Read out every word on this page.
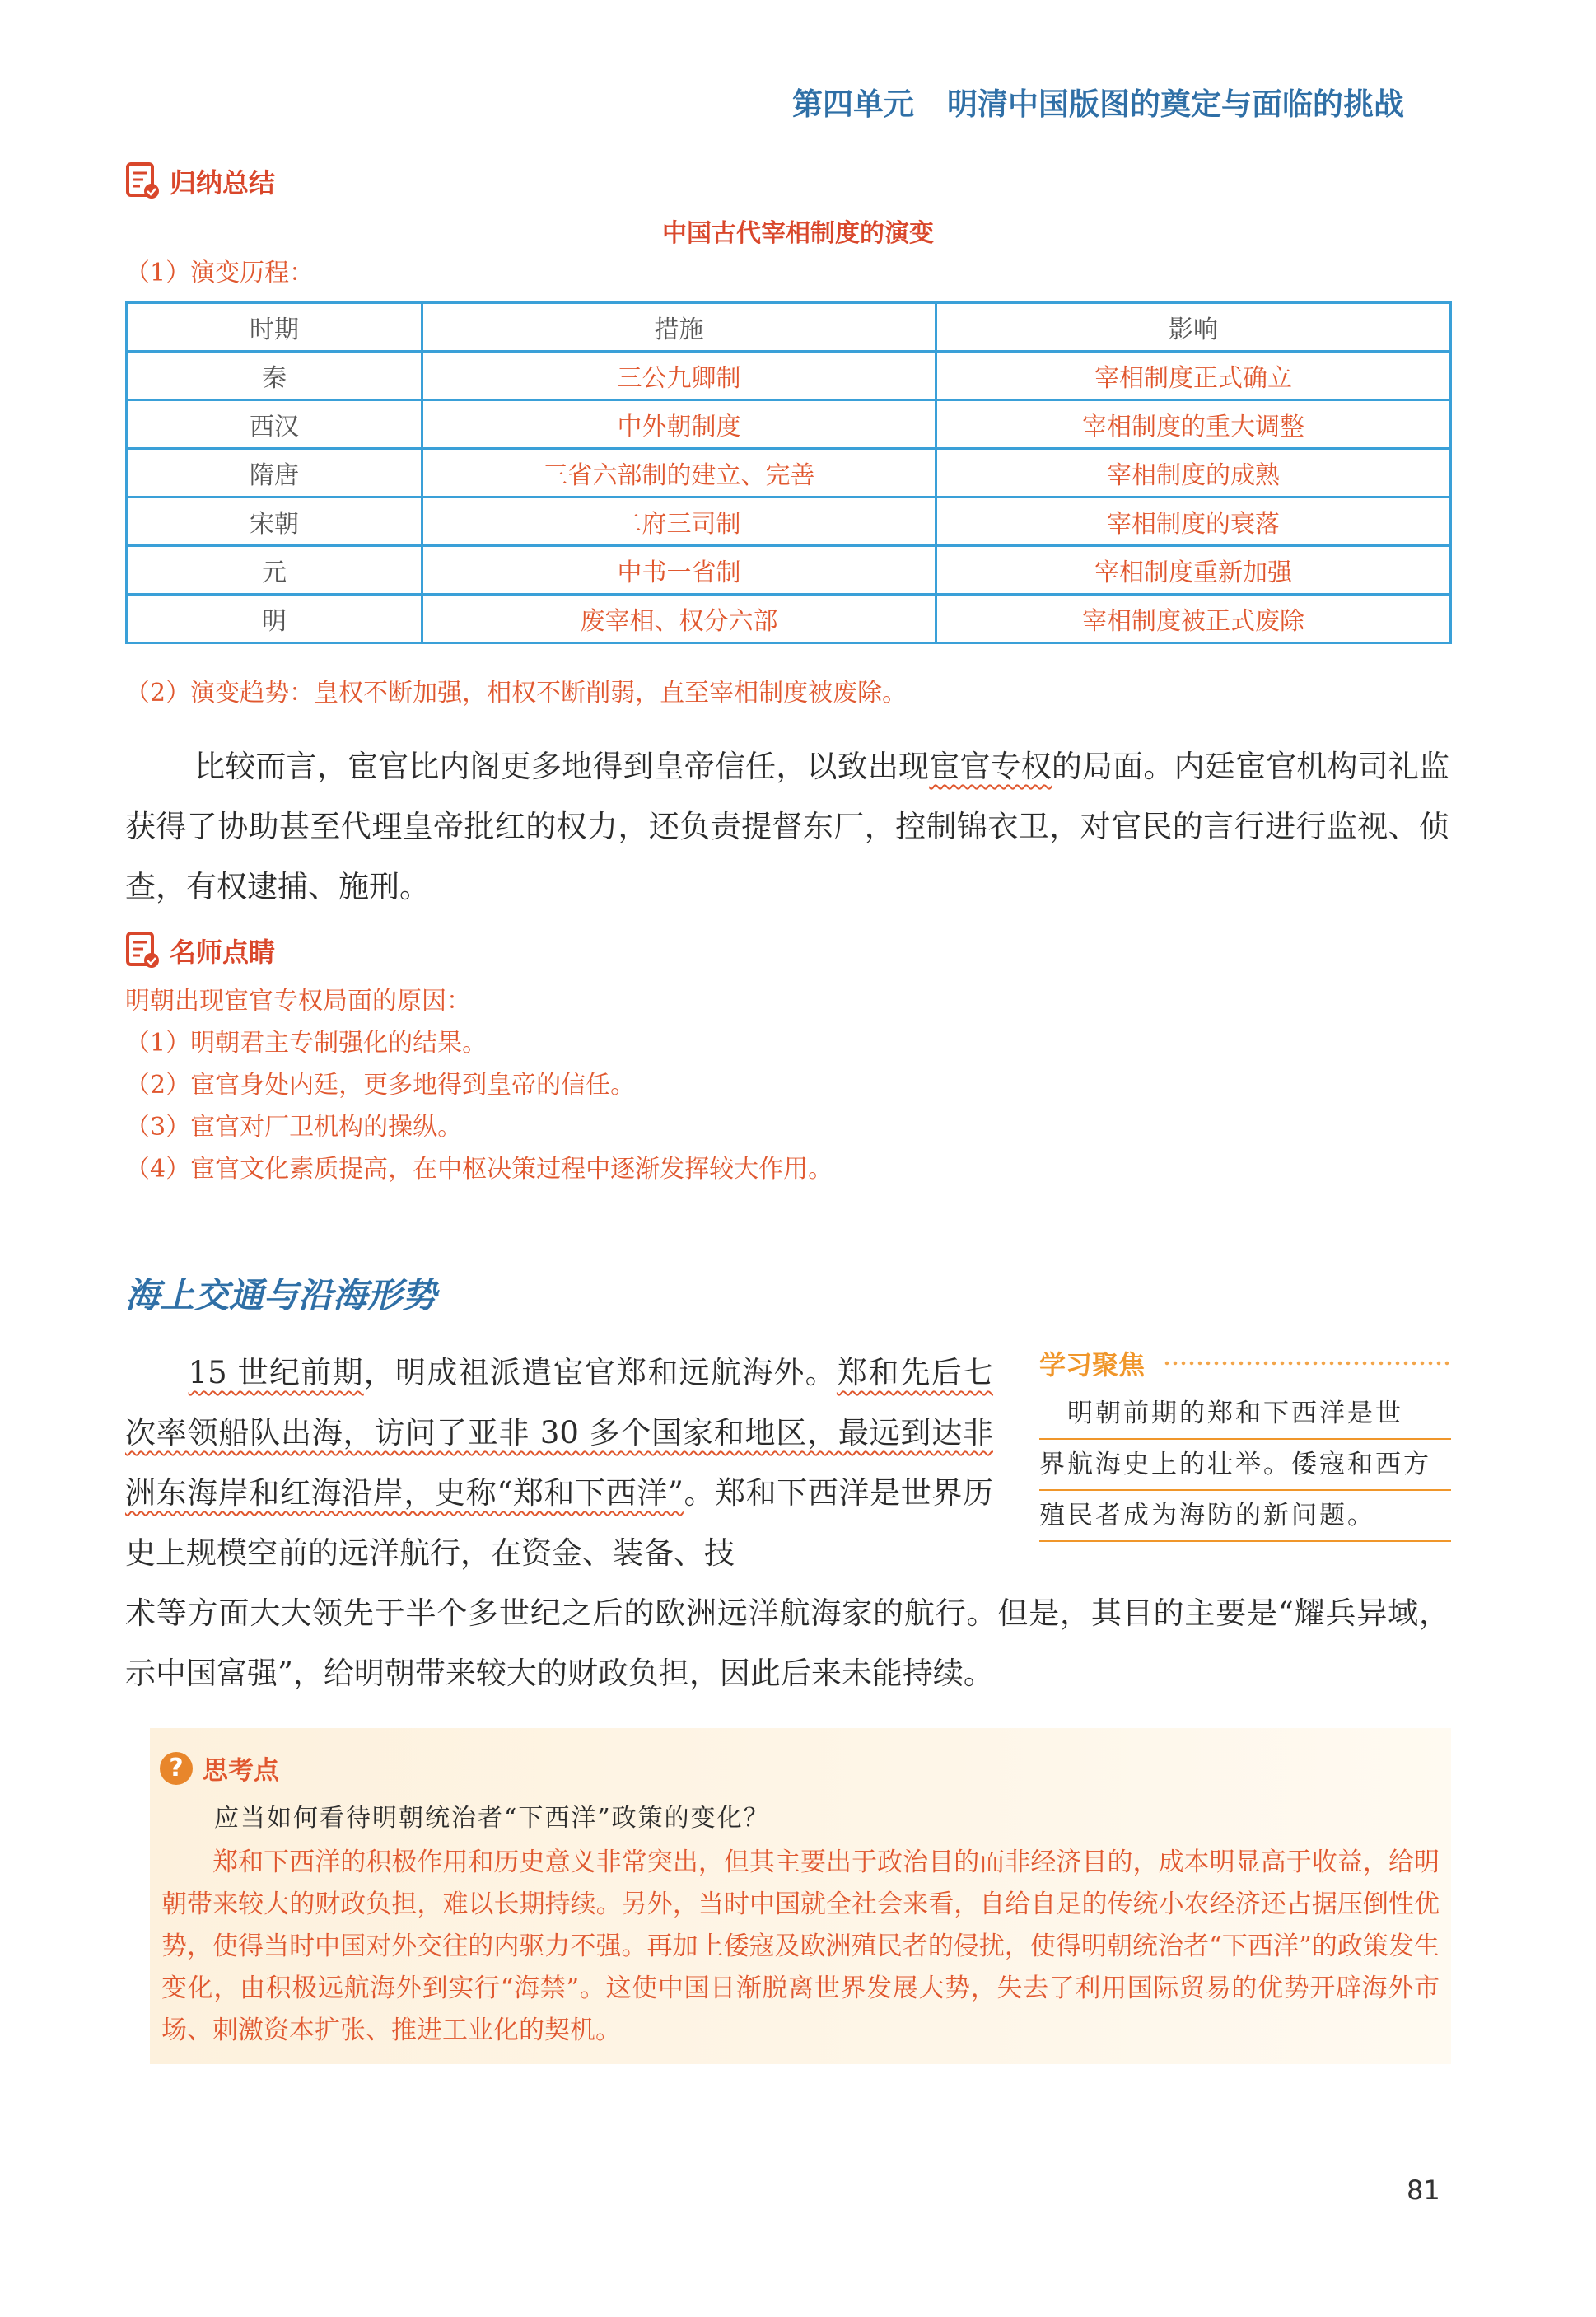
第四单元 明清中国版图的奠定与面临的挑战
归纳总结
中国古代宰相制度的演变
（1）演变历程：
时期	措施	影响
秦	三公九卿制	宰相制度正式确立
西汉	中外朝制度	宰相制度的重大调整
隋唐	三省六部制的建立、完善	宰相制度的成熟
宋朝	二府三司制	宰相制度的衰落
元	中书一省制	宰相制度重新加强
明	废宰相、权分六部	宰相制度被正式废除
（2）演变趋势：皇权不断加强，相权不断削弱，直至宰相制度被废除。
比较而言，宦官比内阁更多地得到皇帝信任，以致出现宦官专权的局面。内廷宦官机构司礼监获得了协助甚至代理皇帝批红的权力，还负责提督东厂，控制锦衣卫，对官民的言行进行监视、侦查，有权逮捕、施刑。
名师点睛
明朝出现宦官专权局面的原因：
（1）明朝君主专制强化的结果。
（2）宦官身处内廷，更多地得到皇帝的信任。
（3）宦官对厂卫机构的操纵。
（4）宦官文化素质提高，在中枢决策过程中逐渐发挥较大作用。
海上交通与沿海形势
　　15 世纪前期，明成祖派遣宦官郑和远航海外。郑和先后七次率领船队出海，访问了亚非 30 多个国家和地区，最远到达非洲东海岸和红海沿岸，史称“郑和下西洋”。郑和下西洋是世界历史上规模空前的远洋航行，在资金、装备、技
术等方面大大领先于半个多世纪之后的欧洲远洋航海家的航行。但是，其目的主要是“耀兵异域，示中国富强”，给明朝带来较大的财政负担，因此后来未能持续。
学习聚焦
　明朝前期的郑和下西洋是世
界航海史上的壮举。倭寇和西方
殖民者成为海防的新问题。
? 思考点
应当如何看待明朝统治者“下西洋”政策的变化？
　　郑和下西洋的积极作用和历史意义非常突出，但其主要出于政治目的而非经济目的，成本明显高于收益，给明朝带来较大的财政负担，难以长期持续。另外，当时中国就全社会来看，自给自足的传统小农经济还占据压倒性优势，使得当时中国对外交往的内驱力不强。再加上倭寇及欧洲殖民者的侵扰，使得明朝统治者“下西洋”的政策发生变化，由积极远航海外到实行“海禁”。这使中国日渐脱离世界发展大势，失去了利用国际贸易的优势开辟海外市场、刺激资本扩张、推进工业化的契机。
81
